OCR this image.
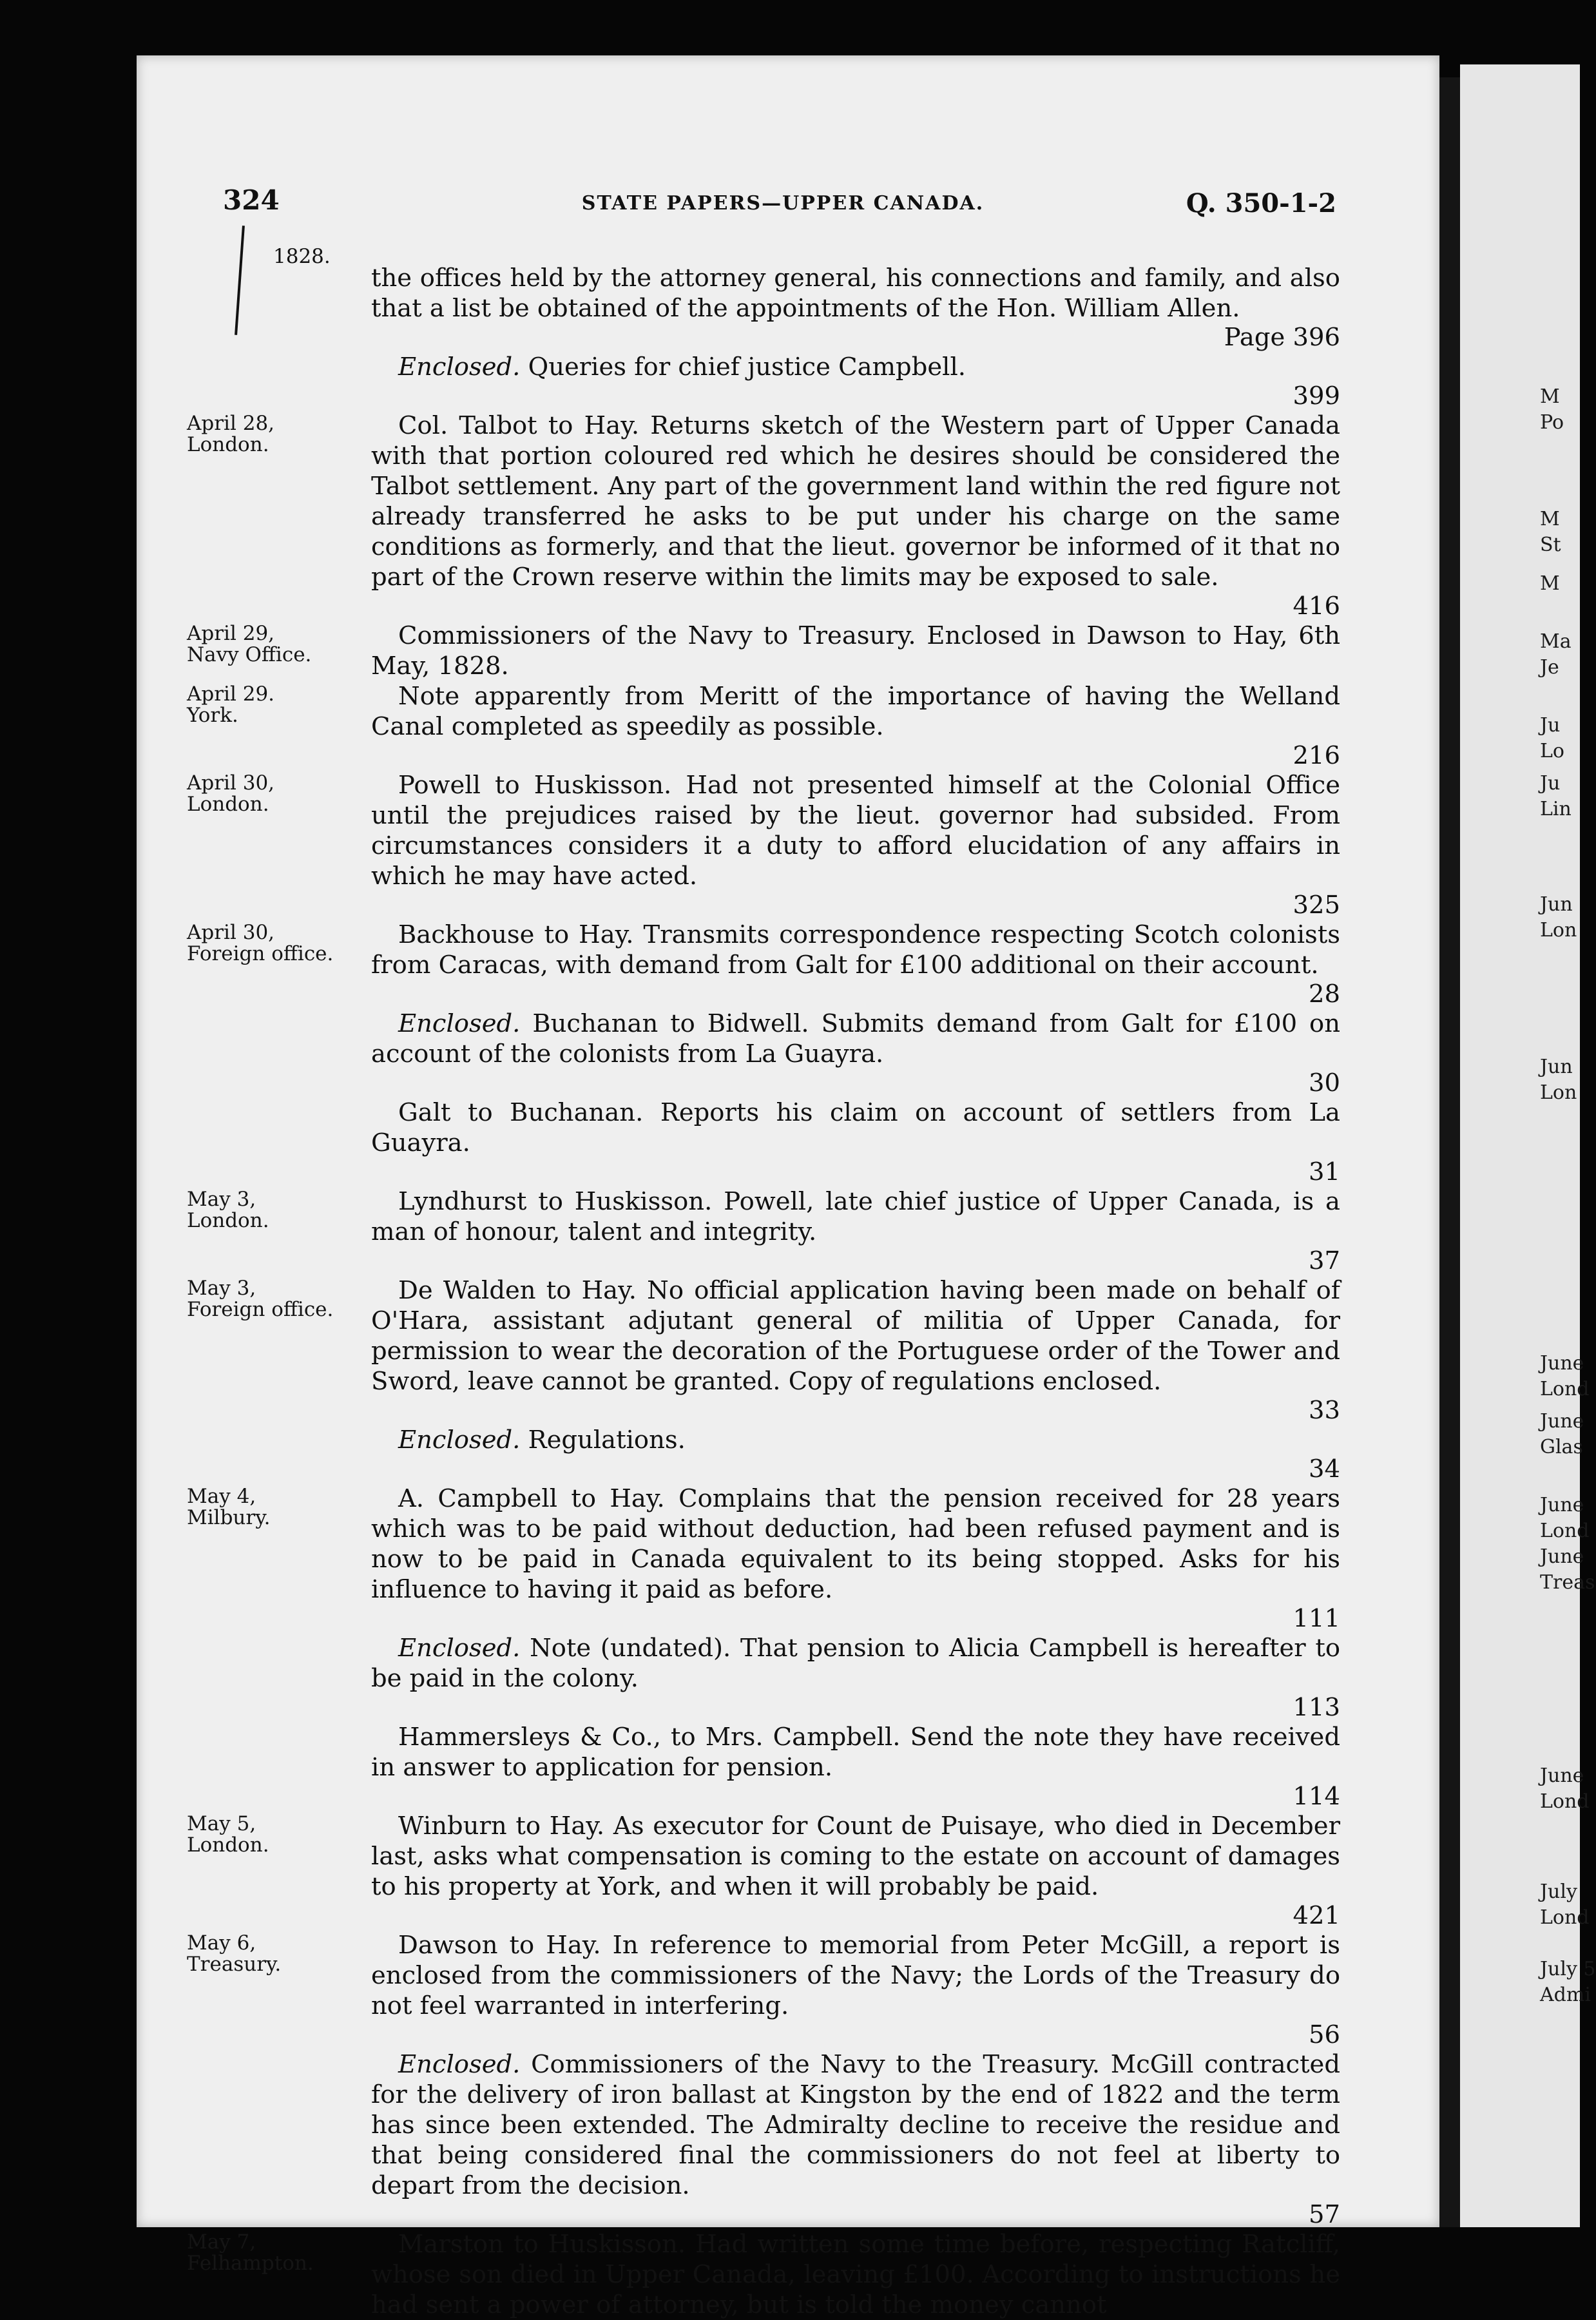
M
Po
M
St
M
Ma
Je
Ju
Lo
Ju
Lin
Jun
Lon
Jun
Lon
June
Lond
June
Glas
June
Lond
June
Treas
June
Lond
July
Lond
July 5
Admi
324	STATE PAPERS—UPPER CANADA.	Q. 350-1-2
1828.
the offices held by the attorney general, his connections and family, and also that a list be obtained of the appointments of the Hon. William Allen.
Page 396
Enclosed. Queries for chief justice Campbell.
399
April 28,
London.
Col. Talbot to Hay. Returns sketch of the Western part of Upper Canada with that portion coloured red which he desires should be considered the Talbot settlement. Any part of the government land within the red figure not already transferred he asks to be put under his charge on the same conditions as formerly, and that the lieut. governor be informed of it that no part of the Crown reserve within the limits may be exposed to sale.
416
April 29,
Navy Office.
Commissioners of the Navy to Treasury. Enclosed in Dawson to Hay, 6th May, 1828.
April 29.
York.
Note apparently from Meritt of the importance of having the Welland Canal completed as speedily as possible.
216
April 30,
London.
Powell to Huskisson. Had not presented himself at the Colonial Office until the prejudices raised by the lieut. governor had subsided. From circumstances considers it a duty to afford elucidation of any affairs in which he may have acted.
325
April 30,
Foreign office.
Backhouse to Hay. Transmits correspondence respecting Scotch colonists from Caracas, with demand from Galt for £100 additional on their account.
28
Enclosed. Buchanan to Bidwell. Submits demand from Galt for £100 on account of the colonists from La Guayra.
30
Galt to Buchanan. Reports his claim on account of settlers from La Guayra.
31
May 3,
London.
Lyndhurst to Huskisson. Powell, late chief justice of Upper Canada, is a man of honour, talent and integrity.
37
May 3,
Foreign office.
De Walden to Hay. No official application having been made on behalf of O'Hara, assistant adjutant general of militia of Upper Canada, for permission to wear the decoration of the Portuguese order of the Tower and Sword, leave cannot be granted. Copy of regulations enclosed.
33
Enclosed. Regulations.
34
May 4,
Milbury.
A. Campbell to Hay. Complains that the pension received for 28 years which was to be paid without deduction, had been refused payment and is now to be paid in Canada equivalent to its being stopped. Asks for his influence to having it paid as before.
111
Enclosed. Note (undated). That pension to Alicia Campbell is hereafter to be paid in the colony.
113
Hammersleys & Co., to Mrs. Campbell. Send the note they have received in answer to application for pension.
114
May 5,
London.
Winburn to Hay. As executor for Count de Puisaye, who died in December last, asks what compensation is coming to the estate on account of damages to his property at York, and when it will probably be paid.
421
May 6,
Treasury.
Dawson to Hay. In reference to memorial from Peter McGill, a report is enclosed from the commissioners of the Navy; the Lords of the Treasury do not feel warranted in interfering.
56
Enclosed. Commissioners of the Navy to the Treasury. McGill contracted for the delivery of iron ballast at Kingston by the end of 1822 and the term has since been extended. The Admiralty decline to receive the residue and that being considered final the commissioners do not feel at liberty to depart from the decision.
57
May 7,
Felhampton.
Marston to Huskisson. Had written some time before, respecting Ratcliff, whose son died in Upper Canada, leaving £100. According to instructions he had sent a power of attorney, but is told the money cannot
